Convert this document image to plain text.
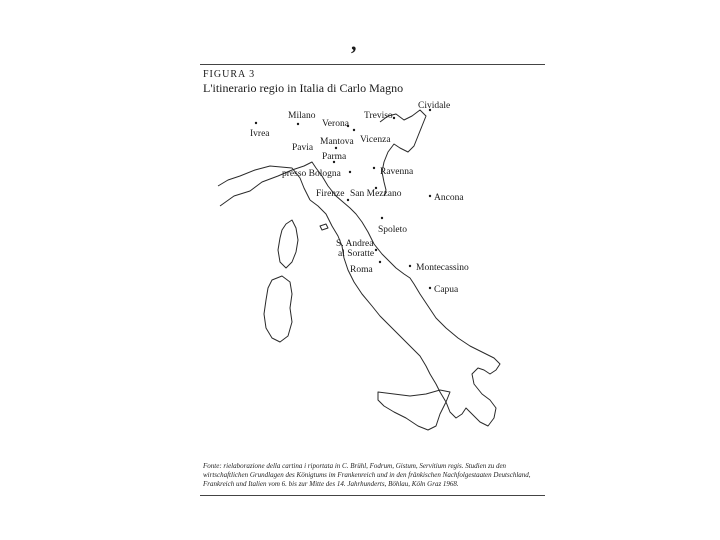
,
FIGURA 3
L'itinerario regio in Italia di Carlo Magno
Ivrea
Milano
Verona
Treviso
Cividale
Pavia
Mantova Vicenza
Parma
Ravenna
presso Bologna
Firenze San Mezzano	Ancona
Spoleto
S. Andrea
al Soratte
Roma	Montecassino
Capua
Fonte: rielaborazione della cartina i riportata in C. Brühl, Fodrum, Gistum, Servitium regis. Studien zu den wirtschaftlichen Grundlagen des Königtums im Frankenreich und in den fränkischen Nachfolgestaaten Deutschland, Frankreich und Italien vom 6. bis zur Mitte des 14. Jahrhunderts, Böhlau, Köln Graz 1968.
